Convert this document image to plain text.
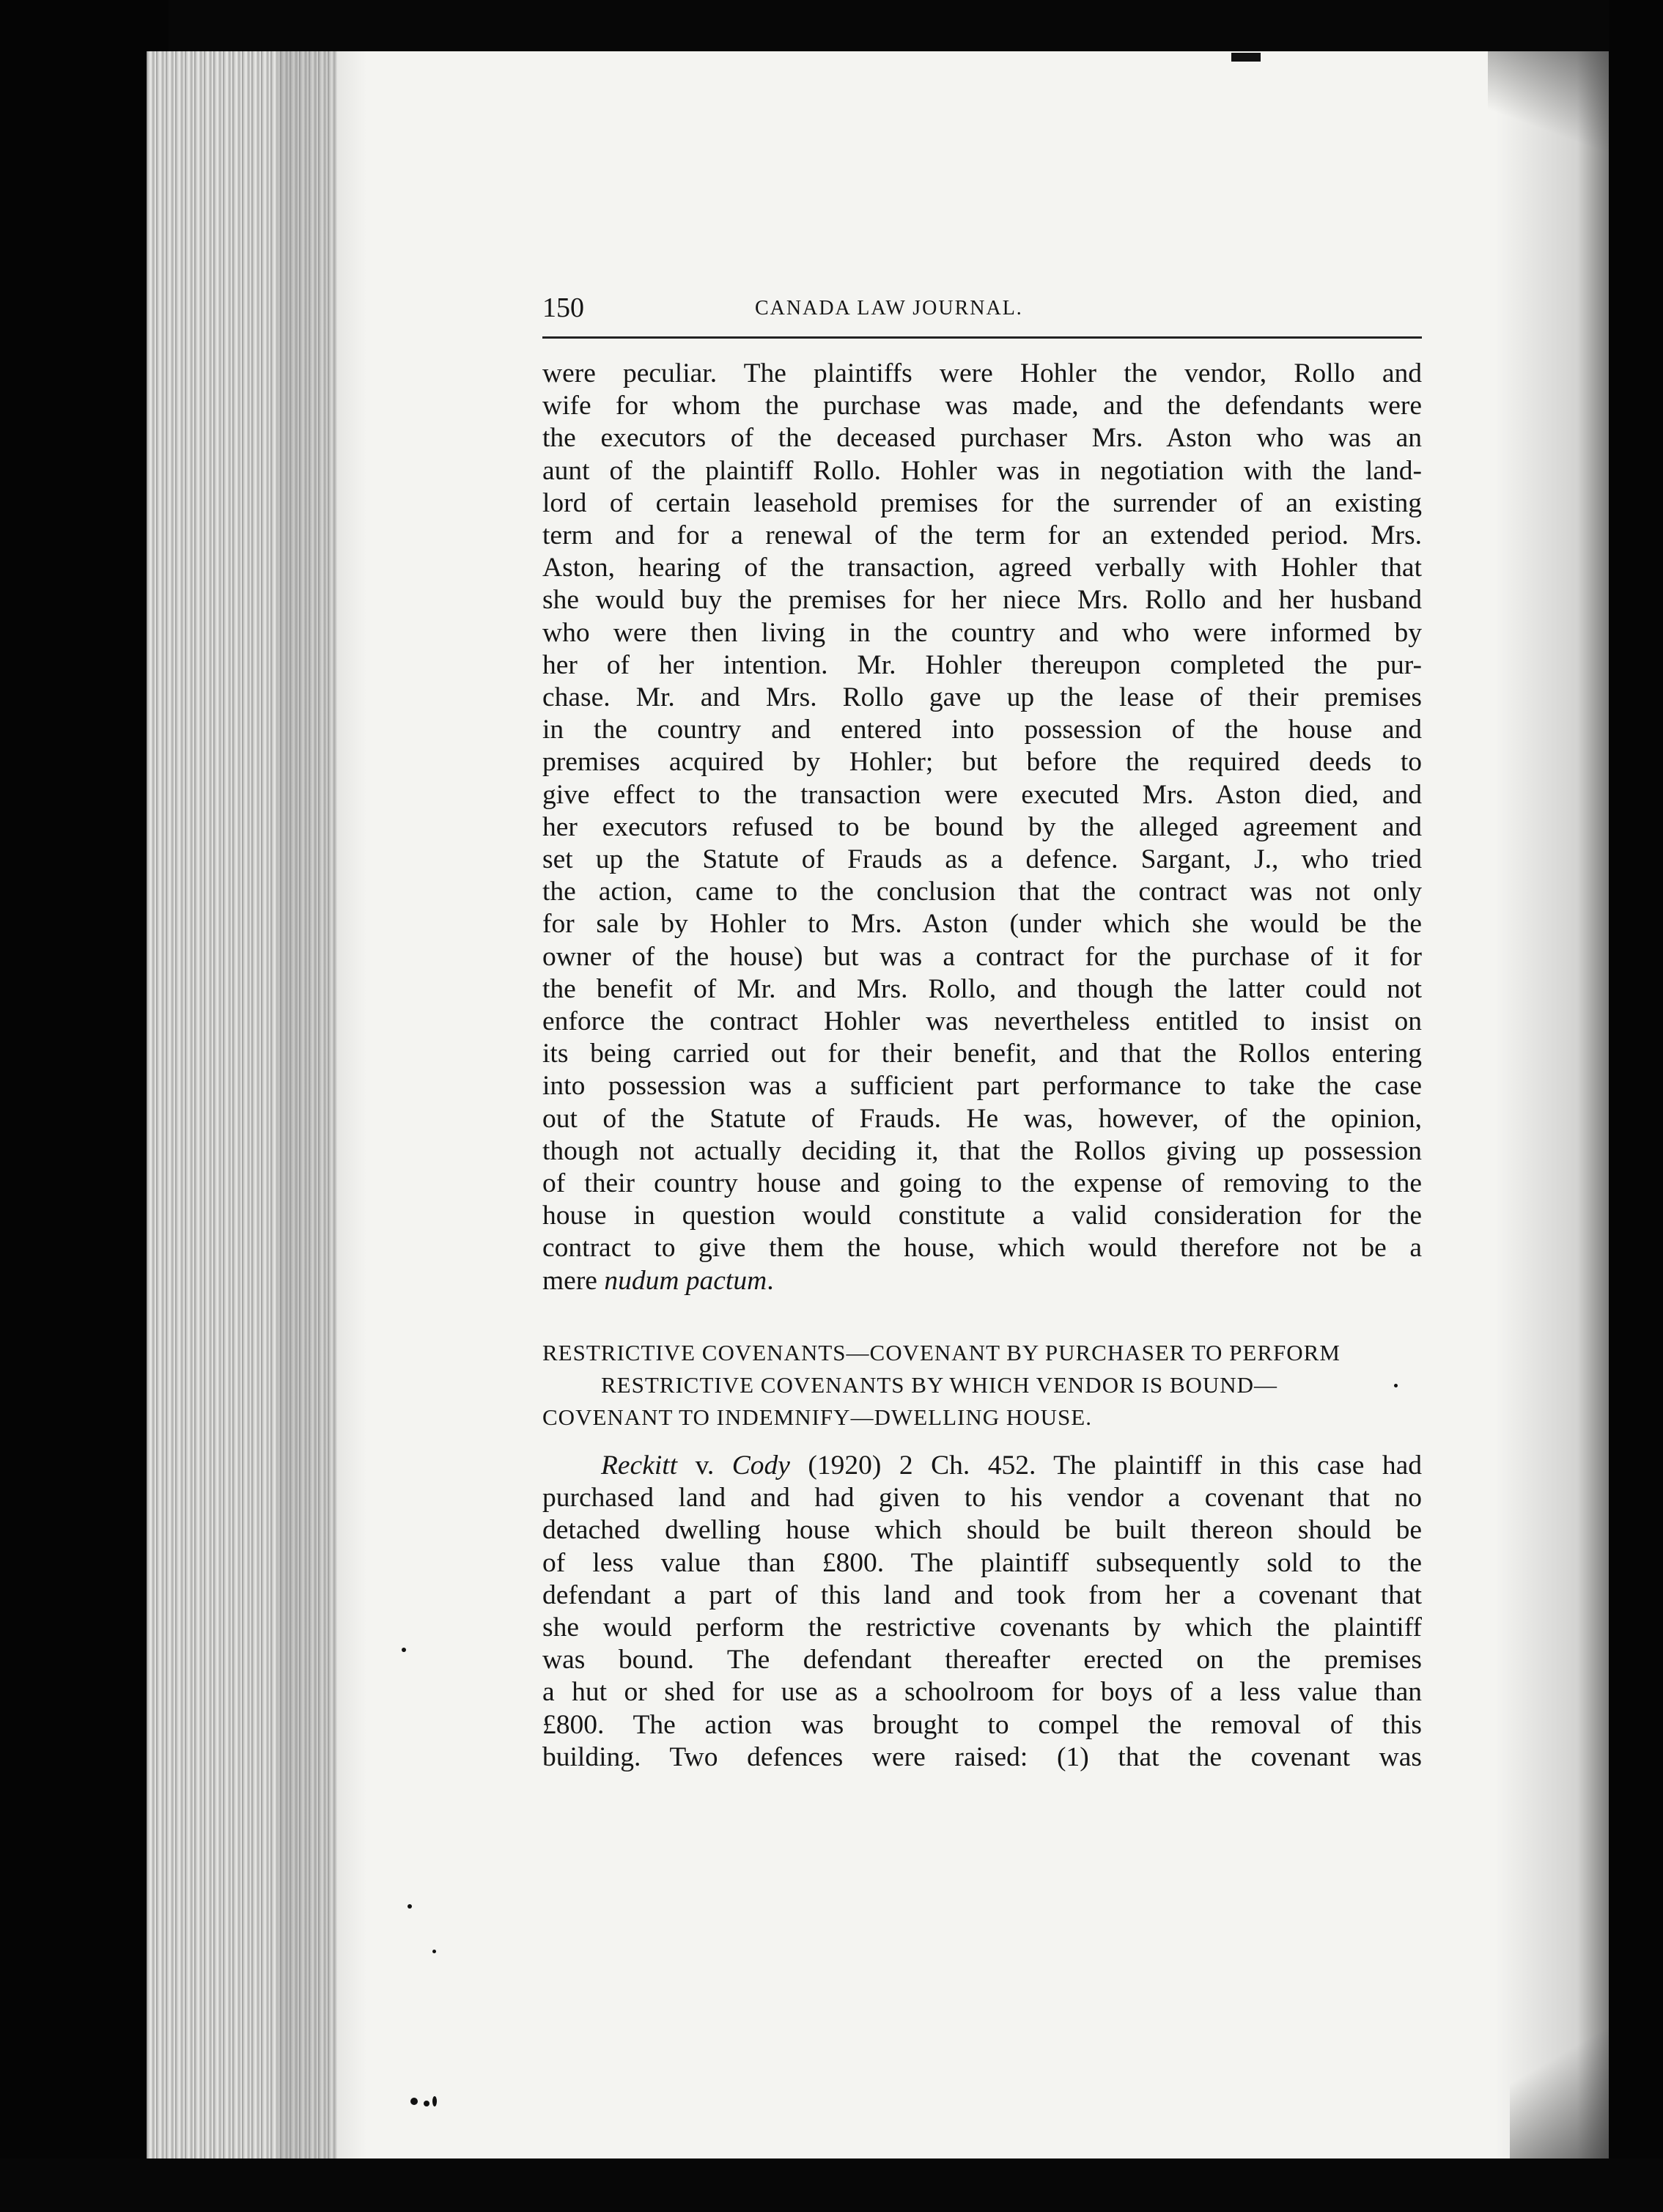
150	CANADA LAW JOURNAL.

were peculiar. The plaintiffs were Hohler the vendor, Rollo and
wife for whom the purchase was made, and the defendants were
the executors of the deceased purchaser Mrs. Aston who was an
aunt of the plaintiff Rollo. Hohler was in negotiation with the land-
lord of certain leasehold premises for the surrender of an existing
term and for a renewal of the term for an extended period. Mrs.
Aston, hearing of the transaction, agreed verbally with Hohler that
she would buy the premises for her niece Mrs. Rollo and her husband
who were then living in the country and who were informed by
her of her intention. Mr. Hohler thereupon completed the pur-
chase. Mr. and Mrs. Rollo gave up the lease of their premises
in the country and entered into possession of the house and
premises acquired by Hohler; but before the required deeds to
give effect to the transaction were executed Mrs. Aston died, and
her executors refused to be bound by the alleged agreement and
set up the Statute of Frauds as a defence. Sargant, J., who tried
the action, came to the conclusion that the contract was not only
for sale by Hohler to Mrs. Aston (under which she would be the
owner of the house) but was a contract for the purchase of it for
the benefit of Mr. and Mrs. Rollo, and though the latter could not
enforce the contract Hohler was nevertheless entitled to insist on
its being carried out for their benefit, and that the Rollos entering
into possession was a sufficient part performance to take the case
out of the Statute of Frauds. He was, however, of the opinion,
though not actually deciding it, that the Rollos giving up possession
of their country house and going to the expense of removing to the
house in question would constitute a valid consideration for the
contract to give them the house, which would therefore not be a
mere nudum pactum.

RESTRICTIVE COVENANTS—COVENANT BY PURCHASER TO PERFORM
RESTRICTIVE COVENANTS BY WHICH VENDOR IS BOUND—
COVENANT TO INDEMNIFY—DWELLING HOUSE.

Reckitt v. Cody (1920) 2 Ch. 452. The plaintiff in this case had
purchased land and had given to his vendor a covenant that no
detached dwelling house which should be built thereon should be
of less value than £800. The plaintiff subsequently sold to the
defendant a part of this land and took from her a covenant that
she would perform the restrictive covenants by which the plaintiff
was bound. The defendant thereafter erected on the premises
a hut or shed for use as a schoolroom for boys of a less value than
£800. The action was brought to compel the removal of this
building. Two defences were raised: (1) that the covenant was
